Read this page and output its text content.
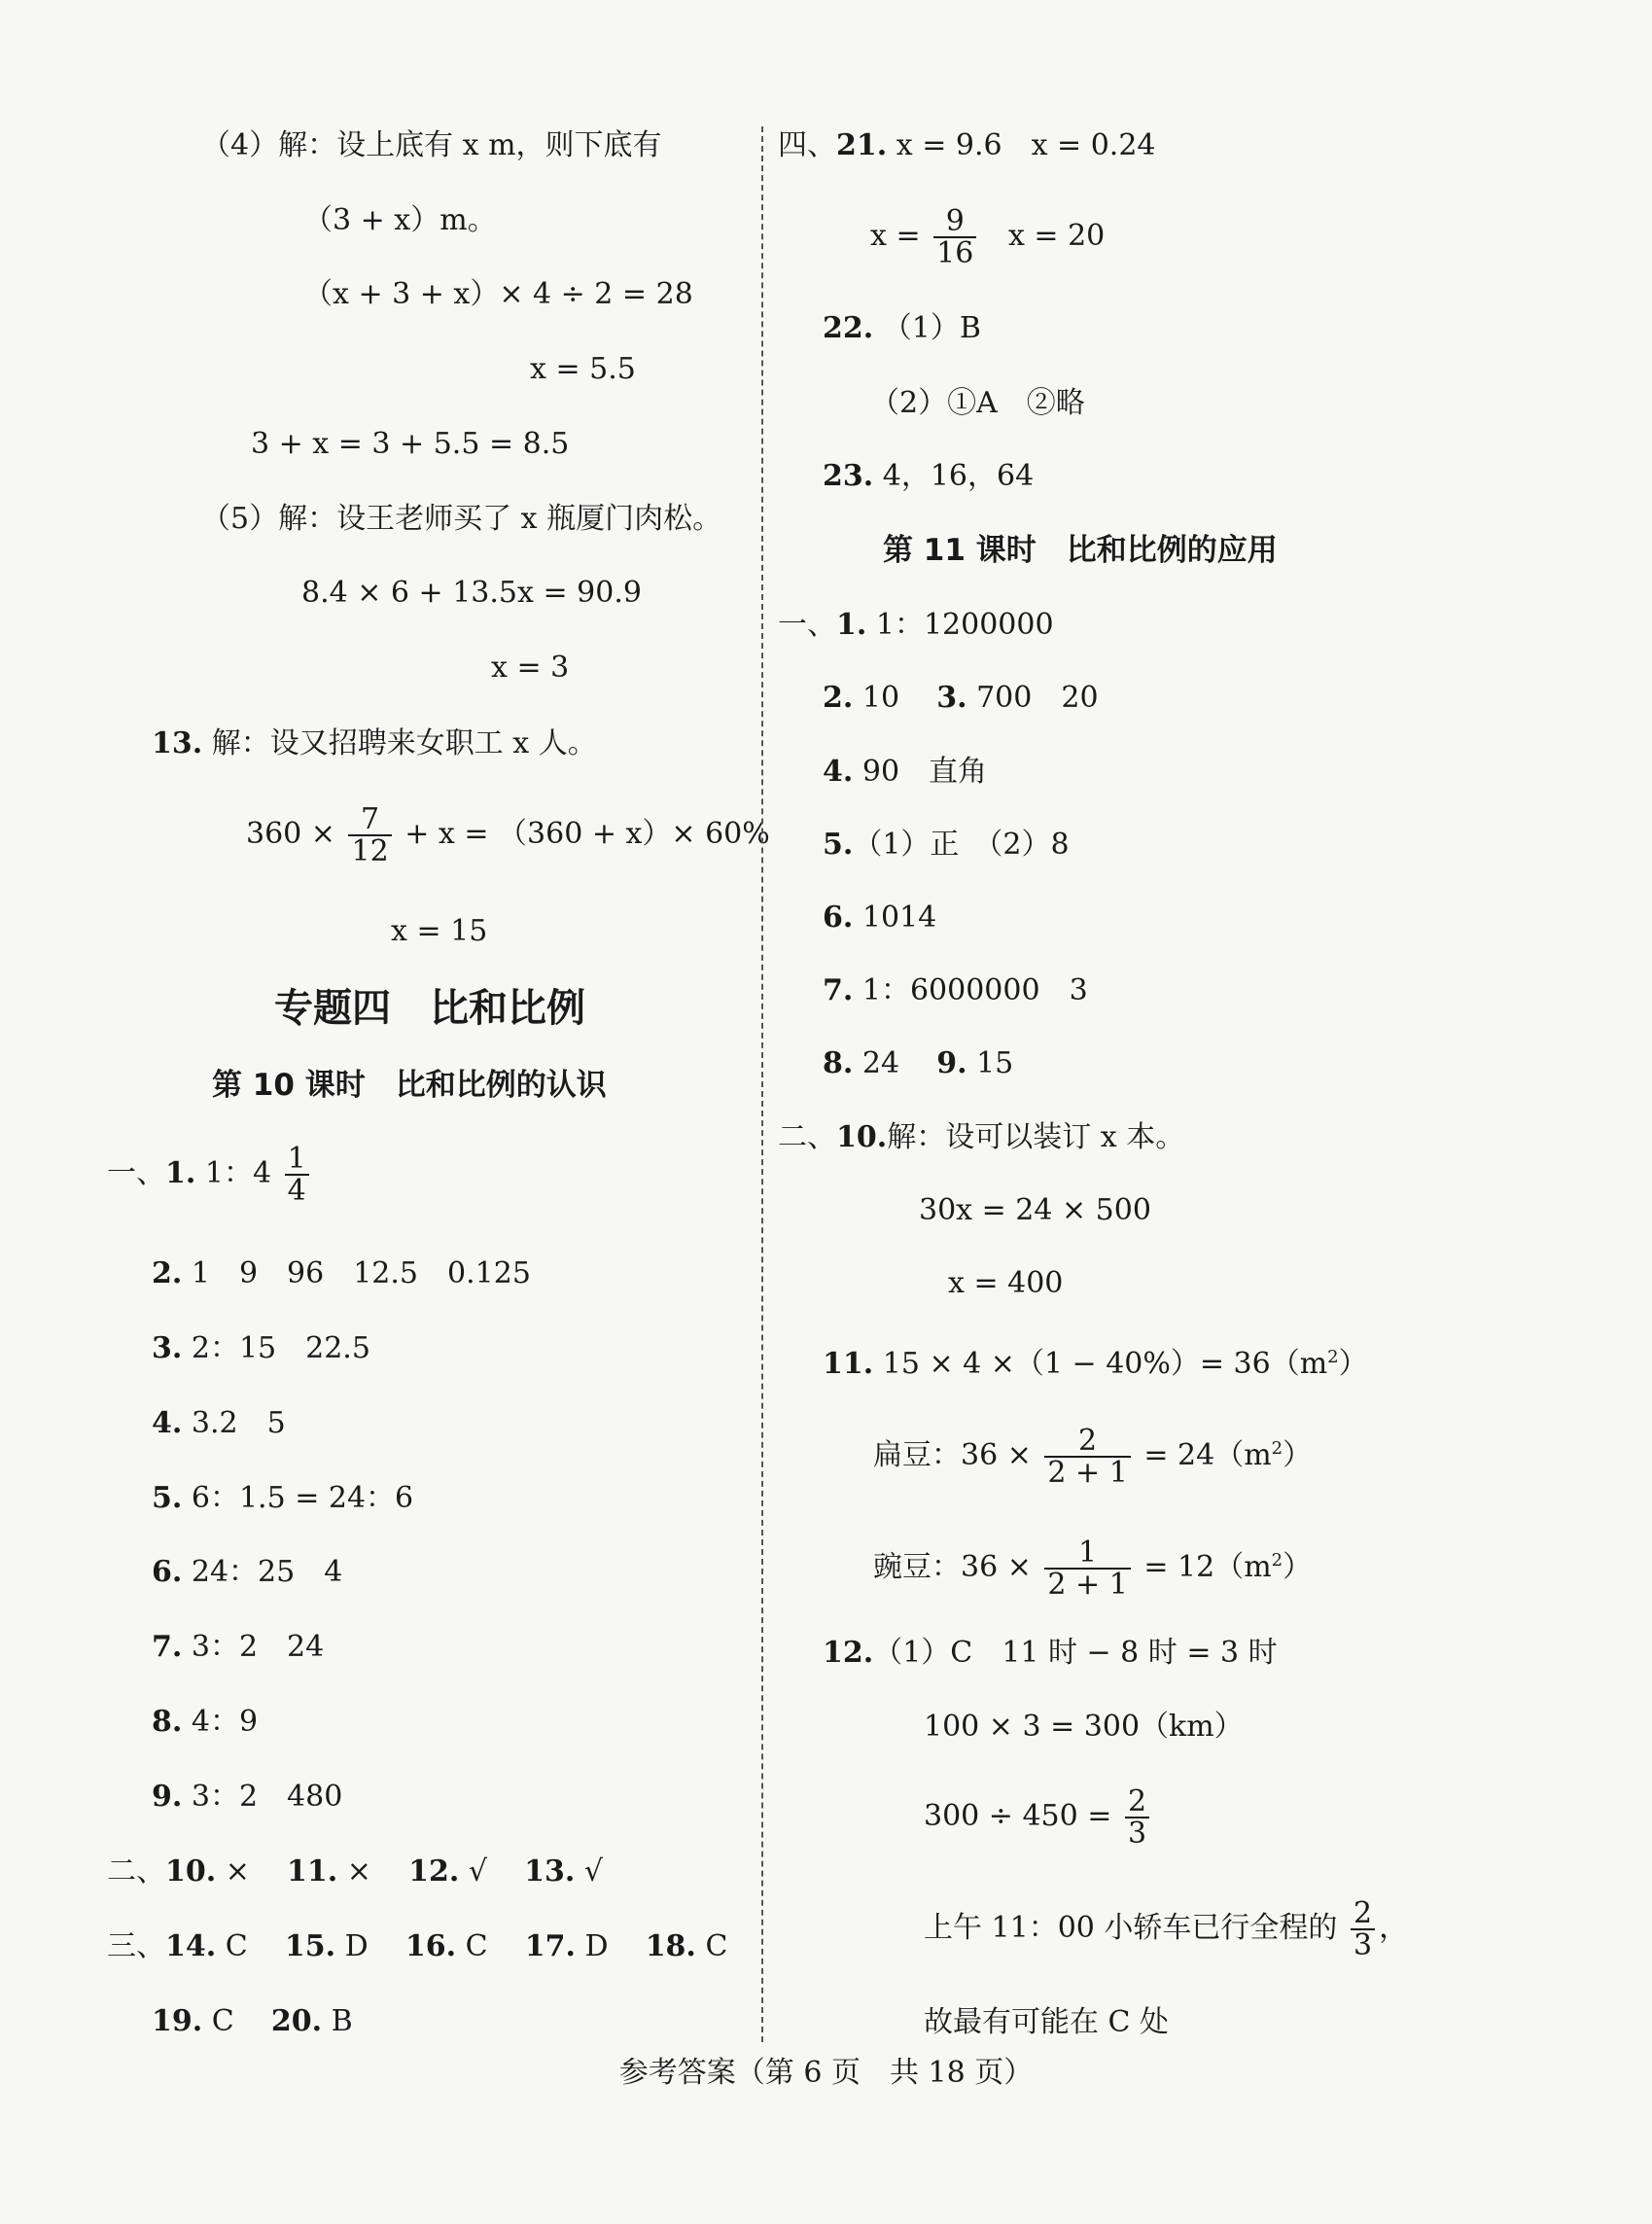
（4）解：设上底有 x m，则下底有
（3 + x）m。
（x + 3 + x）× 4 ÷ 2 = 28
x = 5.5
3 + x = 3 + 5.5 = 8.5
（5）解：设王老师买了 x 瓶厦门肉松。
8.4 × 6 + 13.5x = 90.9
x = 3
13. 解：设又招聘来女职工 x 人。
$360 \times \frac{7}{12} + x = (360 + x)\times 60\%$
x = 15
专题四　比和比例
第 10 课时　比和比例的认识
一、1. 1：$4 \frac{1}{4}$
2. 1　9　96　12.5　0.125
3. 2：15　22.5
4. 3.2　5
5. 6：1.5 = 24：6
6. 24：25　4
7. 3：2　24
8. 4：9
9. 3：2　480
二、10. × 11. × 12. √ 13. √
三、14. C 15. D 16. C 17. D 18. C
19. C 20. B
四、21. x = 9.6　x = 0.24
$x = \frac{9}{16}$ x = 20
22. （1）B
（2）①A　②略
23. 4，16，64
第 11 课时　比和比例的应用
一、1. 1：1200000
2. 10 3. 700　20
4. 90　直角
5.（1）正　（2）8
6. 1014
7. 1：6000000　3
8. 24 9. 15
二、10.解：设可以装订 x 本。
30x = 24 × 500
x = 400
11. $15 \times 4 \times(1 - 40\%)= 36(m^2)$
扁豆：$36 \times \frac{2}{2 + 1} = 24(m^2)$
豌豆：$36 \times \frac{1}{2 + 1} = 12(m^2)$
12.（1）C　11 时 − 8 时 = 3 时
100 × 3 = 300（km）
$300 \div 450 = \frac{2}{3}$
上午 11：00 小轿车已行全程的 $\frac{2}{3}$ ，
故最有可能在 C 处
参考答案（第 6 页　共 18 页）
